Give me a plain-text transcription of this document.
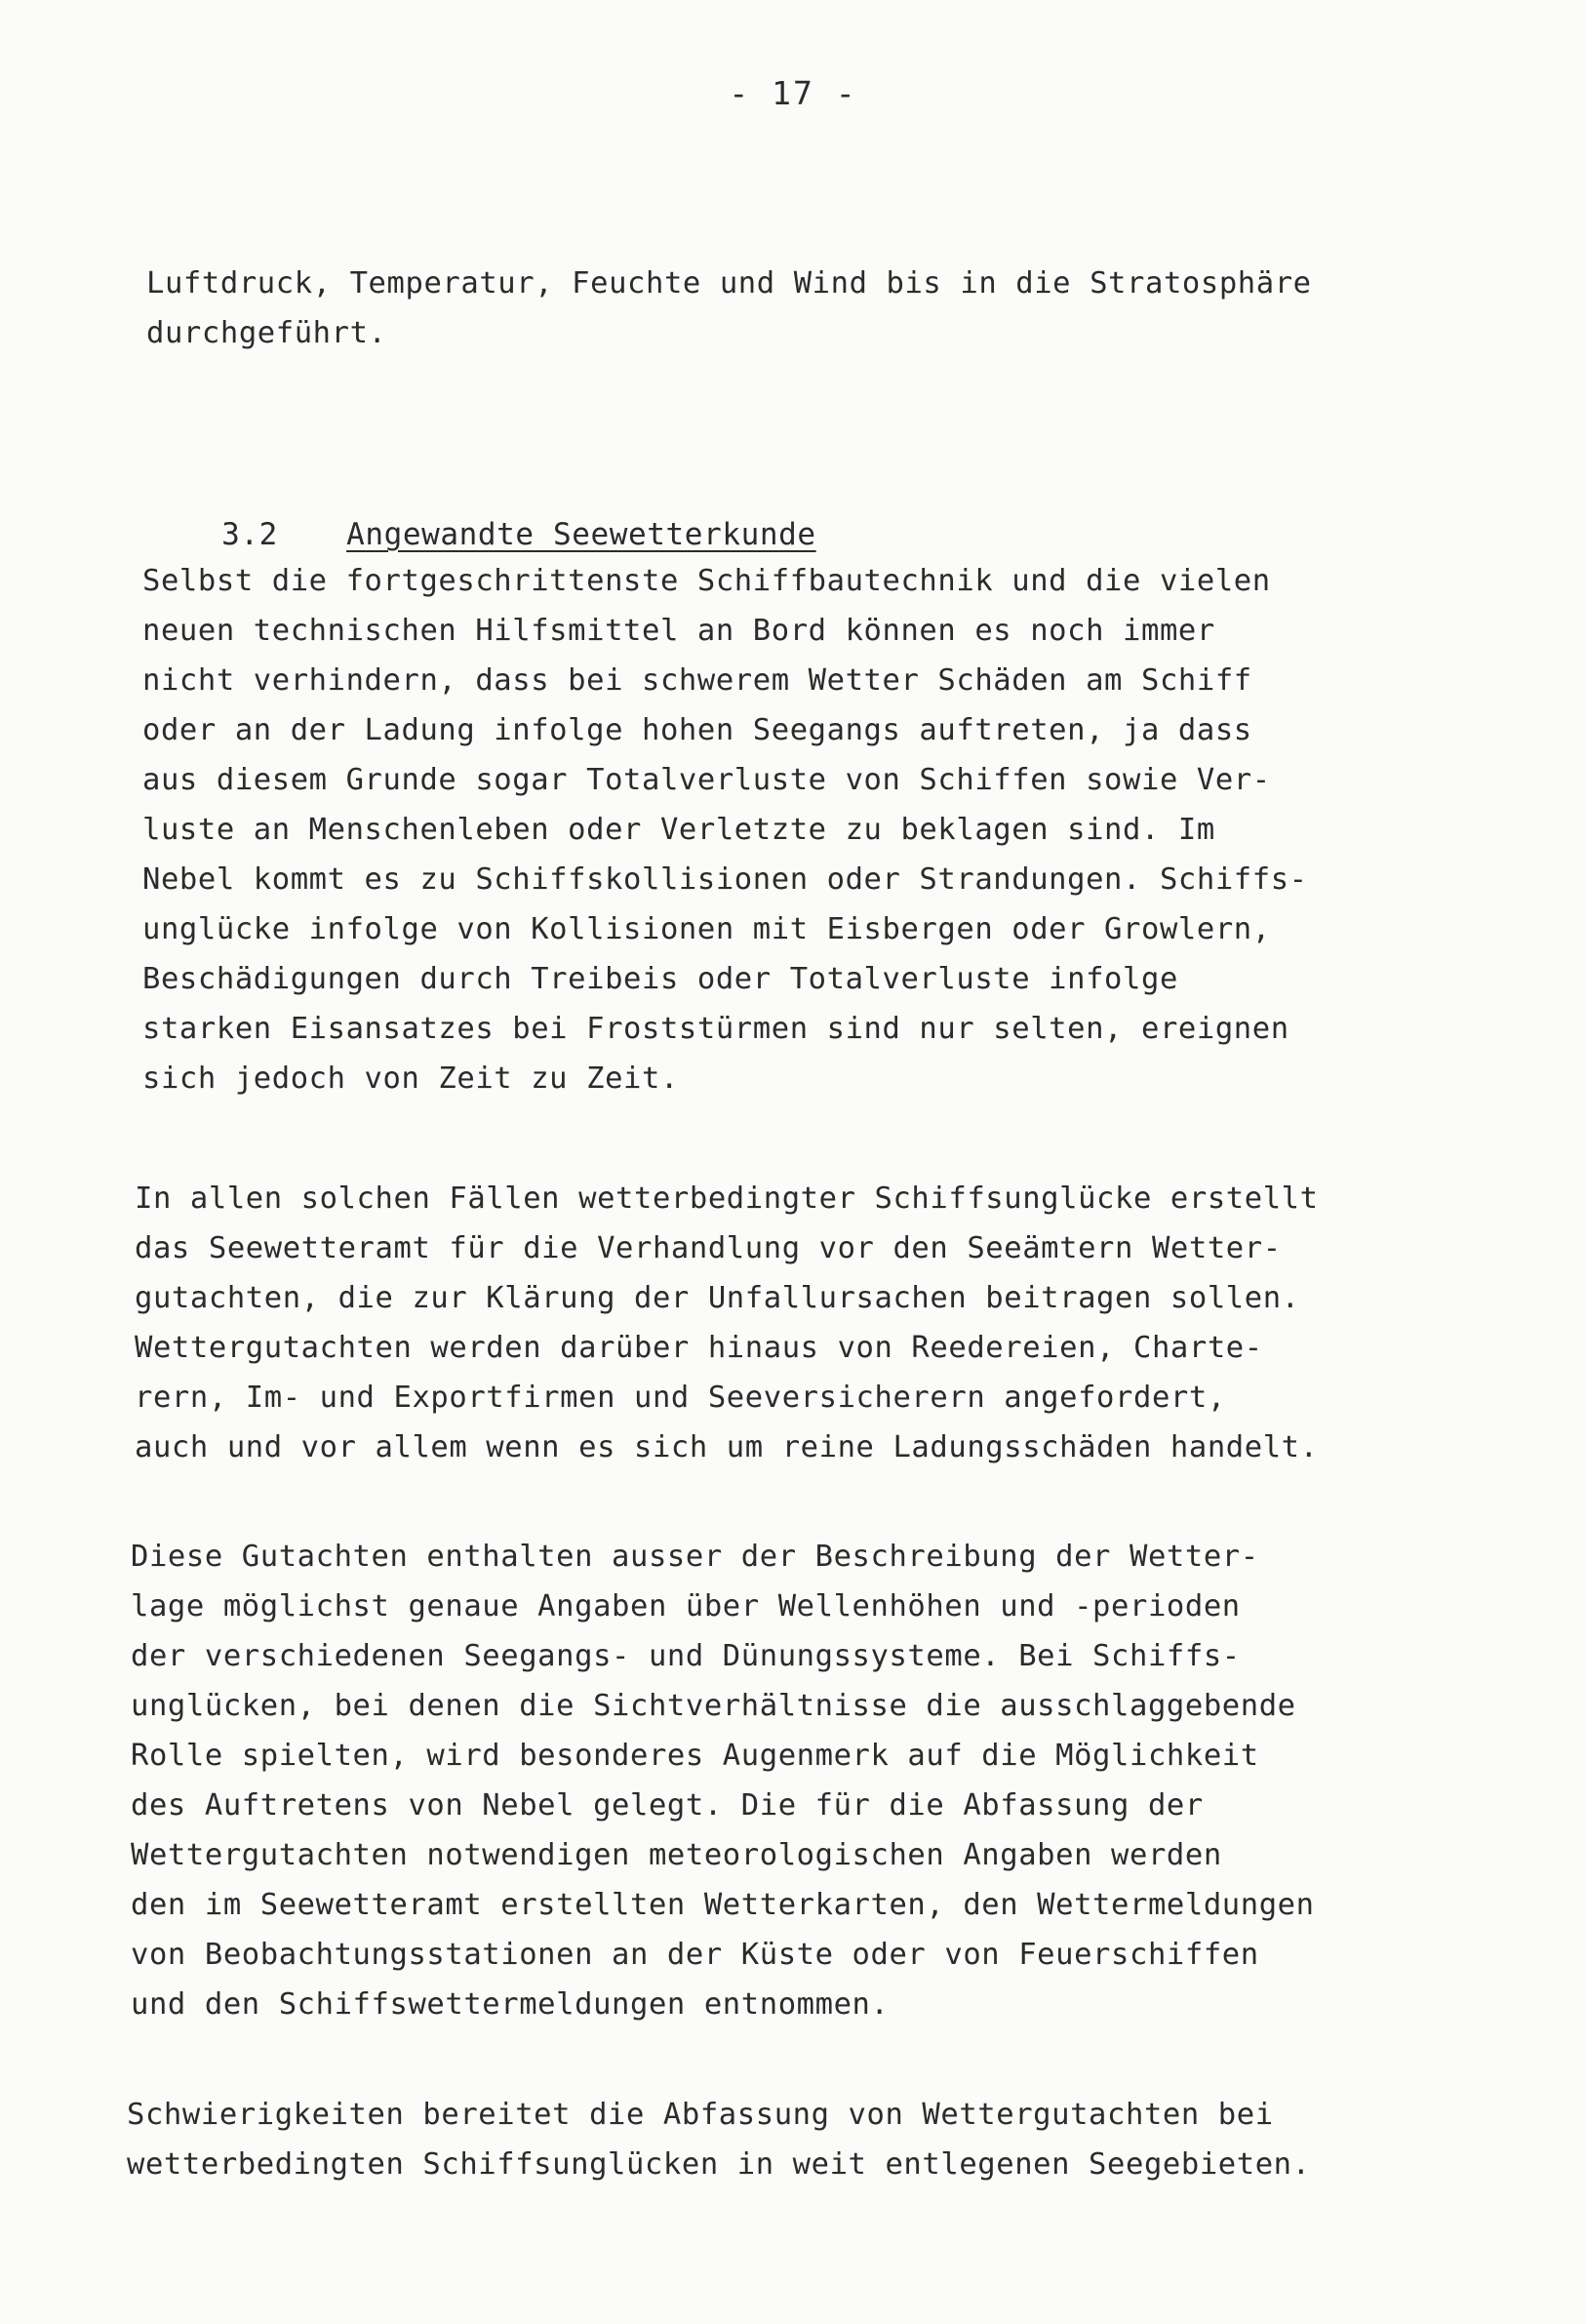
- 17 -
Luftdruck, Temperatur, Feuchte und Wind bis in die Stratosphäre
durchgeführt.

3.2 Angewandte Seewetterkunde

Selbst die fortgeschrittenste Schiffbautechnik und die vielen
neuen technischen Hilfsmittel an Bord können es noch immer
nicht verhindern, dass bei schwerem Wetter Schäden am Schiff
oder an der Ladung infolge hohen Seegangs auftreten, ja dass
aus diesem Grunde sogar Totalverluste von Schiffen sowie Ver-
luste an Menschenleben oder Verletzte zu beklagen sind. Im
Nebel kommt es zu Schiffskollisionen oder Strandungen. Schiffs-
unglücke infolge von Kollisionen mit Eisbergen oder Growlern,
Beschädigungen durch Treibeis oder Totalverluste infolge
starken Eisansatzes bei Froststürmen sind nur selten, ereignen
sich jedoch von Zeit zu Zeit.
In allen solchen Fällen wetterbedingter Schiffsunglücke erstellt
das Seewetteramt für die Verhandlung vor den Seeämtern Wetter-
gutachten, die zur Klärung der Unfallursachen beitragen sollen.
Wettergutachten werden darüber hinaus von Reedereien, Charte-
rern, Im- und Exportfirmen und Seeversicherern angefordert,
auch und vor allem wenn es sich um reine Ladungsschäden handelt.
Diese Gutachten enthalten ausser der Beschreibung der Wetter-
lage möglichst genaue Angaben über Wellenhöhen und -perioden
der verschiedenen Seegangs- und Dünungssysteme. Bei Schiffs-
unglücken, bei denen die Sichtverhältnisse die ausschlaggebende
Rolle spielten, wird besonderes Augenmerk auf die Möglichkeit
des Auftretens von Nebel gelegt. Die für die Abfassung der
Wettergutachten notwendigen meteorologischen Angaben werden
den im Seewetteramt erstellten Wetterkarten, den Wettermeldungen
von Beobachtungsstationen an der Küste oder von Feuerschiffen
und den Schiffswettermeldungen entnommen.
Schwierigkeiten bereitet die Abfassung von Wettergutachten bei
wetterbedingten Schiffsunglücken in weit entlegenen Seegebieten.
